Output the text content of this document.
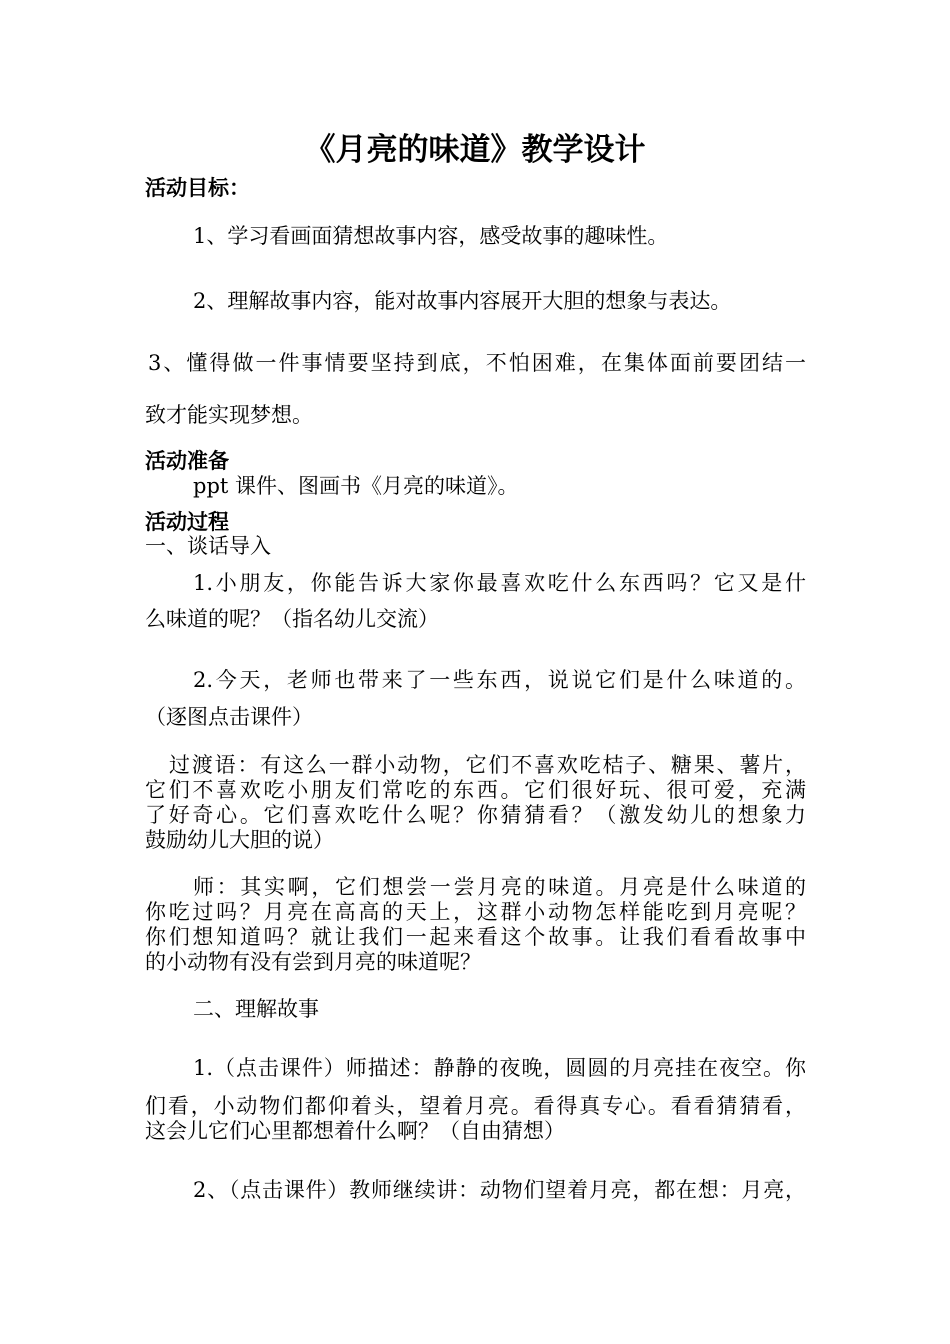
《月亮的味道》教学设计
活动目标：
1、学习看画面猜想故事内容，感受故事的趣味性。
2、理解故事内容，能对故事内容展开大胆的想象与表达。
3、懂得做一件事情要坚持到底，不怕困难，在集体面前要团结一
致才能实现梦想。
活动准备
ppt 课件、图画书《月亮的味道》。
活动过程
一、谈话导入
1.小朋友，你能告诉大家你最喜欢吃什么东西吗？它又是什
么味道的呢？（指名幼儿交流）
2.今天，老师也带来了一些东西，说说它们是什么味道的。
（逐图点击课件）
过渡语：有这么一群小动物，它们不喜欢吃桔子、糖果、薯片，
它们不喜欢吃小朋友们常吃的东西。它们很好玩、很可爱，充满
了好奇心。它们喜欢吃什么呢？你猜猜看？（激发幼儿的想象力
鼓励幼儿大胆的说）
师：其实啊，它们想尝一尝月亮的味道。月亮是什么味道的
你吃过吗？月亮在高高的天上，这群小动物怎样能吃到月亮呢？
你们想知道吗？就让我们一起来看这个故事。让我们看看故事中
的小动物有没有尝到月亮的味道呢？
二、理解故事
1.（点击课件）师描述：静静的夜晚，圆圆的月亮挂在夜空。你
们看，小动物们都仰着头，望着月亮。看得真专心。看看猜猜看，
这会儿它们心里都想着什么啊？（自由猜想）
2、（点击课件）教师继续讲：动物们望着月亮，都在想：月亮，
